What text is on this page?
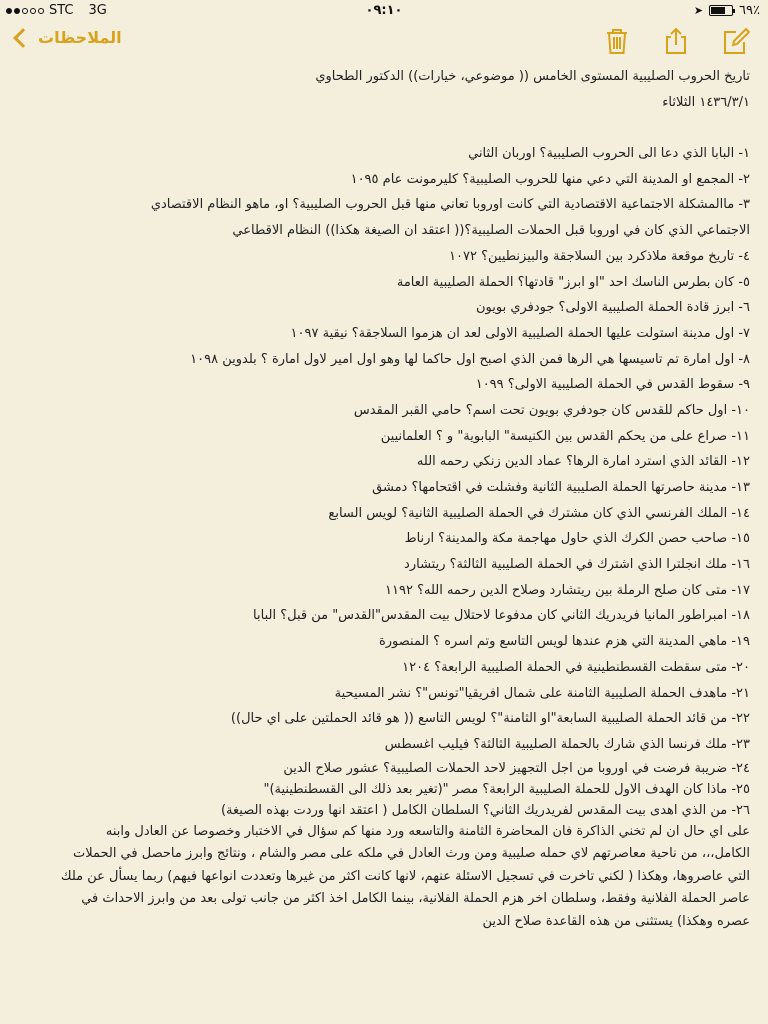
STC 3G	٠٩:١٠	➤	٦٩٪
الملاحظات
تاريخ الحروب الصليبية المستوى الخامس (( موضوعي، خيارات)) الدكتور الطحاوي
١٤٣٦/٣/١ الثلاثاء
١- البابا الذي دعا الى الحروب الصليبية؟ اوربان الثاني
٢- المجمع او المدينة التي دعي منها للحروب الصليبية؟ كليرمونت عام ١٠٩٥
٣- ماالمشكلة الاجتماعية الاقتصادية التي كانت اوروبا تعاني منها قبل الحروب الصليبية؟ او، ماهو النظام الاقتصادي
الاجتماعي الذي كان في اوروبا قبل الحملات الصليبية؟(( اعتقد ان الصيغة هكذا)) النظام الاقطاعي
٤- تاريخ موقعة ملاذكرد بين السلاجقة والبيزنطيين؟ ١٠٧٢
٥- كان بطرس الناسك احد "او ابرز" قادتها؟ الحملة الصليبية العامة
٦- ابرز قادة الحملة الصليبية الاولى؟ جودفري بويون
٧- اول مدينة استولت عليها الحملة الصليبية الاولى لعد ان هزموا السلاجقة؟ نيقية ١٠٩٧
٨- اول امارة تم تاسيسها هي الرها فمن الذي اصبح اول حاكما لها وهو اول امير لاول امارة ؟ بلدوين ١٠٩٨
٩- سقوط القدس في الحملة الصليبية الاولى؟ ١٠٩٩
١٠- اول حاكم للقدس كان جودفري بويون تحت اسم؟ حامي القبر المقدس
١١- صراع على من يحكم القدس بين الكنيسة" البابوية" و ؟ العلمانيين
١٢- القائد الذي استرد امارة الرها؟ عماد الدين زنكي رحمه الله
١٣- مدينة حاصرتها الحملة الصليبية الثانية وفشلت في اقتحامها؟ دمشق
١٤- الملك الفرنسي الذي كان مشترك في الحملة الصليبية الثانية؟ لويس السابع
١٥- صاحب حصن الكرك الذي حاول مهاجمة مكة والمدينة؟ ارناط
١٦- ملك انجلترا الذي اشترك في الحملة الصليبية الثالثة؟ ريتشارد
١٧- متى كان صلح الرملة بين ريتشارد وصلاح الدين رحمه الله؟ ١١٩٢
١٨- امبراطور المانيا فريدريك الثاني كان مدفوعا لاحتلال بيت المقدس"القدس" من قبل؟ البابا
١٩- ماهي المدينة التي هزم عندها لويس التاسع وتم اسره ؟ المنصورة
٢٠- متى سقطت القسطنطينية في الحملة الصليبية الرابعة؟ ١٢٠٤
٢١- ماهدف الحملة الصليبية الثامنة على شمال افريقيا"تونس"؟ نشر المسيحية
٢٢- من قائد الحملة الصليبية السابعة"او الثامنة"؟ لويس التاسع (( هو قائد الحملتين على اي حال))
٢٣- ملك فرنسا الذي شارك بالحملة الصليبية الثالثة؟ فيليب اغسطس
٢٤- ضريبة فرضت في اوروبا من اجل التجهيز لاحد الحملات الصليبية؟ عشور صلاح الدين
٢٥- ماذا كان الهدف الاول للحملة الصليبية الرابعة؟ مصر "(تغير بعد ذلك الى القسطنطينية)"
٢٦- من الذي اهدى بيت المقدس لفريدريك الثاني؟ السلطان الكامل ( اعتقد انها وردت بهذه الصيغة)
على اي حال ان لم تخني الذاكرة فان المحاضرة الثامنة والتاسعه ورد منها كم سؤال في الاختبار وخصوصا عن العادل وابنه الكامل،،، من ناحية معاصرتهم لاي حمله صليبية ومن ورث العادل في ملكه على مصر والشام ، ونتائج وابرز ماحصل في الحملات التي عاصروها، وهكذا ( لكني تاخرت في تسجيل الاسئلة عنهم، لانها كانت اكثر من غيرها وتعددت انواعها فيهم) ربما يسأل عن ملك عاصر الحملة الفلانية وفقط، وسلطان اخر هزم الحملة الفلانية، بينما الكامل اخذ اكثر من جانب تولى بعد من وابرز الاحداث في عصره وهكذا) يستثنى من هذه القاعدة صلاح الدين
